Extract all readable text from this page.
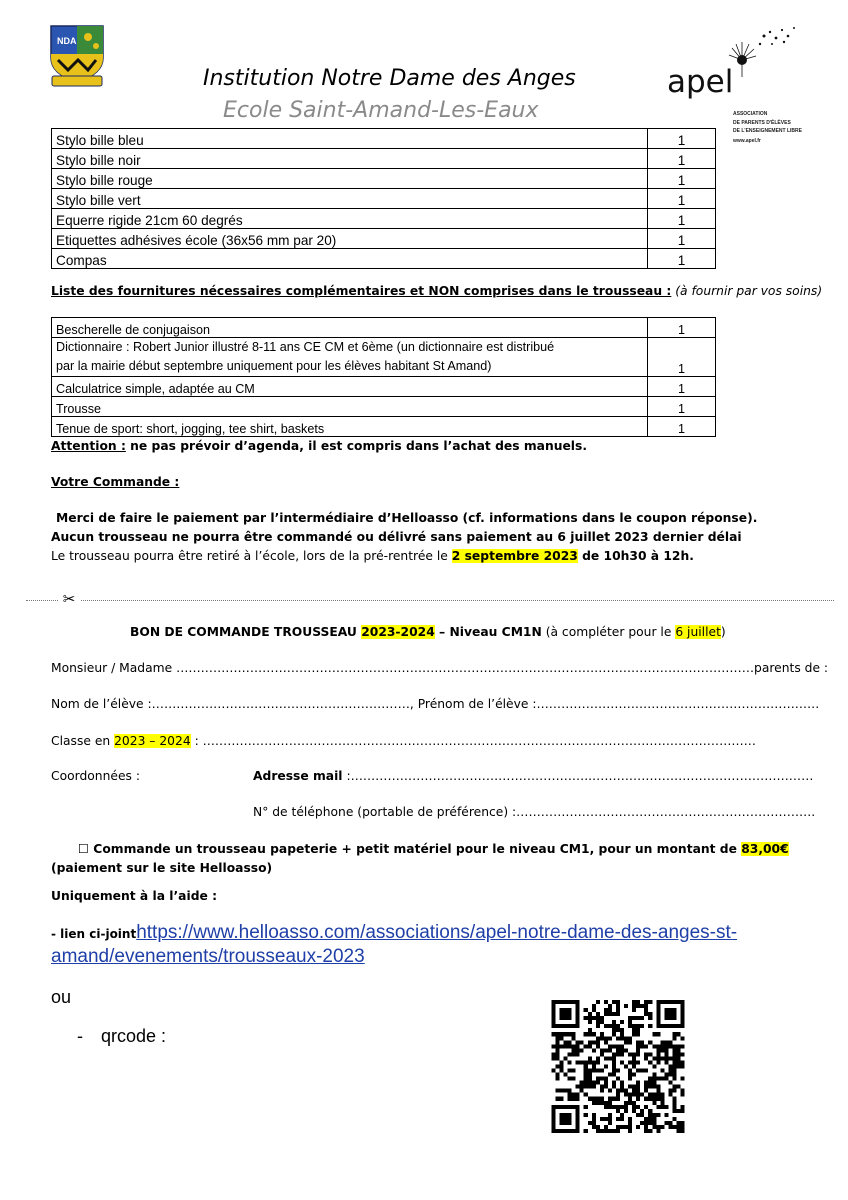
NDA
Institution Notre Dame des Anges
Ecole Saint-Amand-Les-Eaux
apel
ASSOCIATION
DE PARENTS D'ÉLÈVES
DE L'ENSEIGNEMENT LIBRE
www.apel.fr
Stylo bille bleu	1
Stylo bille noir	1
Stylo bille rouge	1
Stylo bille vert	1
Equerre rigide 21cm 60 degrés	1
Etiquettes adhésives école (36x56 mm par 20)	1
Compas	1
Liste des fournitures nécessaires complémentaires et NON comprises dans le trousseau : (à fournir par vos soins)
Bescherelle de conjugaison	1

Dictionnaire : Robert Junior illustré 8-11 ans CE CM et 6ème (un dictionnaire est distribué
par la mairie début septembre uniquement pour les élèves habitant St Amand)	1
Calculatrice simple, adaptée au CM	1
Trousse	1
Tenue de sport: short, jogging, tee shirt, baskets	1
Attention : ne pas prévoir d’agenda, il est compris dans l’achat des manuels.
Votre Commande :
Merci de faire le paiement par l’intermédiaire d’Helloasso (cf. informations dans le coupon réponse).
Aucun trousseau ne pourra être commandé ou délivré sans paiement au 6 juillet 2023 dernier délai
Le trousseau pourra être retiré à l’école, lors de la pré-rentrée le 2 septembre 2023 de 10h30 à 12h.
✂
BON DE COMMANDE TROUSSEAU 2023-2024 – Niveau CM1N (à compléter pour le 6 juillet)
Monsieur / Madame ……………………………………………………………………………………………………………………………parents de :
Nom de l’élève :………………………………………………………, Prénom de l’élève :……………………………………………………………
Classe en 2023 – 2024 : ………………………………………………………………………………………………………………………
Coordonnées :	Adresse mail :…………………………………………………..………………………………………………
N° de téléphone (portable de préférence) :……………………………………………………………….
☐ Commande un trousseau papeterie + petit matériel pour le niveau CM1, pour un montant de 83,00€
(paiement sur le site Helloasso)
Uniquement à la l’aide :
- lien ci-jointhttps://www.helloasso.com/associations/apel-notre-dame-des-anges-st-
amand/evenements/trousseaux-2023
ou
- qrcode :
